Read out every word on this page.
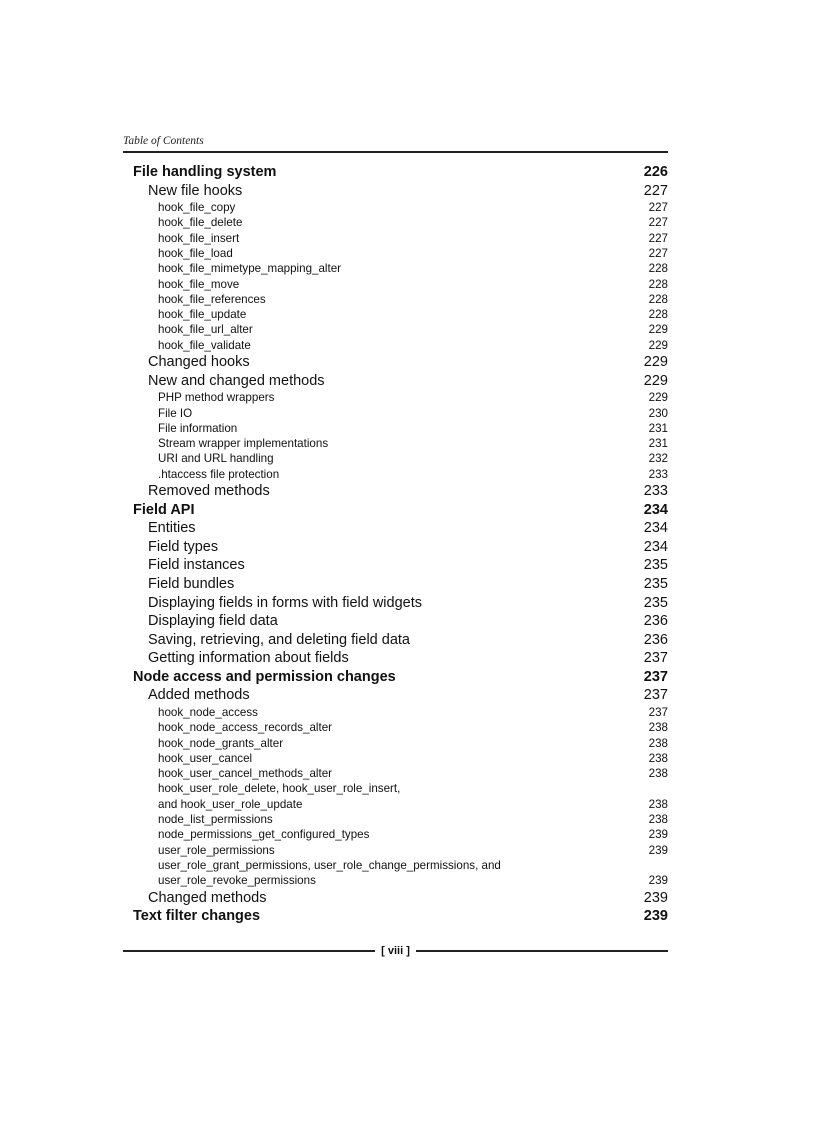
Table of Contents
File handling system	226
New file hooks	227
hook_file_copy	227
hook_file_delete	227
hook_file_insert	227
hook_file_load	227
hook_file_mimetype_mapping_alter	228
hook_file_move	228
hook_file_references	228
hook_file_update	228
hook_file_url_alter	229
hook_file_validate	229
Changed hooks	229
New and changed methods	229
PHP method wrappers	229
File IO	230
File information	231
Stream wrapper implementations	231
URI and URL handling	232
.htaccess file protection	233
Removed methods	233
Field API	234
Entities	234
Field types	234
Field instances	235
Field bundles	235
Displaying fields in forms with field widgets	235
Displaying field data	236
Saving, retrieving, and deleting field data	236
Getting information about fields	237
Node access and permission changes	237
Added methods	237
hook_node_access	237
hook_node_access_records_alter	238
hook_node_grants_alter	238
hook_user_cancel	238
hook_user_cancel_methods_alter	238
hook_user_role_delete, hook_user_role_insert,
and hook_user_role_update	238
node_list_permissions	238
node_permissions_get_configured_types	239
user_role_permissions	239
user_role_grant_permissions, user_role_change_permissions, and
user_role_revoke_permissions	239
Changed methods	239
Text filter changes	239
[ viii ]
